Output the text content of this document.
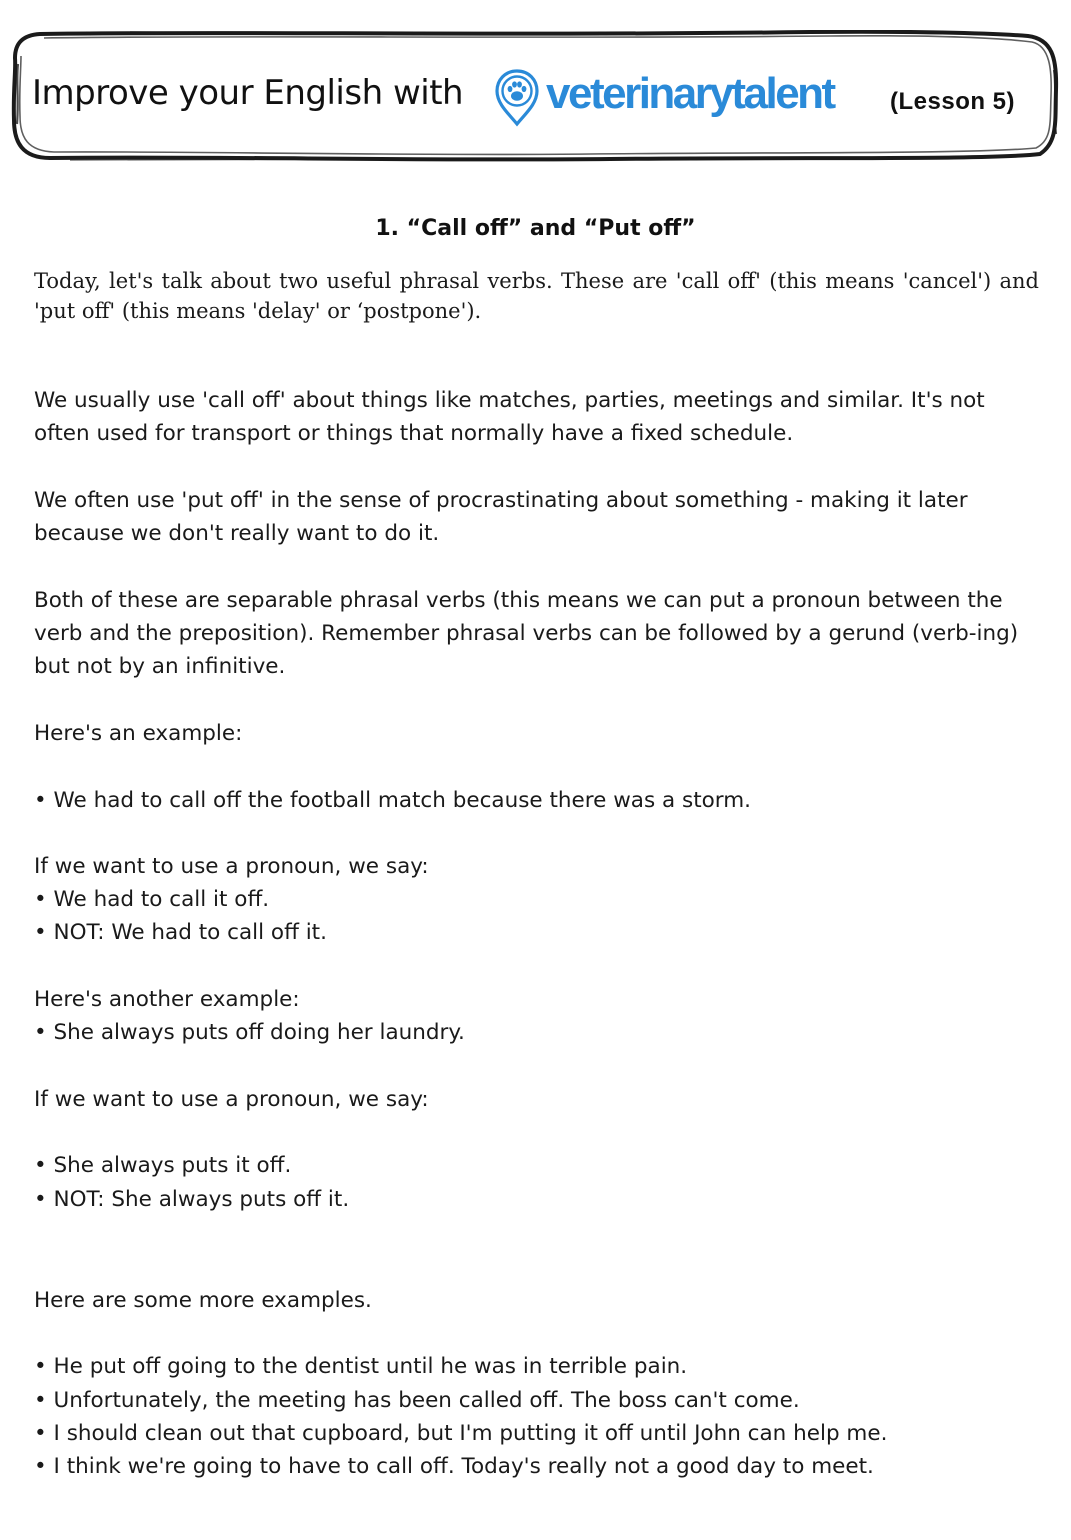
Improve your English with veterinarytalent (Lesson 5)
1. “Call off” and “Put off”

Today, let's talk about two useful phrasal verbs. These are 'call off' (this means 'cancel') and 'put off' (this means 'delay' or ‘postpone').

We usually use 'call off' about things like matches, parties, meetings and similar. It's not often used for transport or things that normally have a fixed schedule.

We often use 'put off' in the sense of procrastinating about something - making it later because we don't really want to do it.

Both of these are separable phrasal verbs (this means we can put a pronoun between the verb and the preposition). Remember phrasal verbs can be followed by a gerund (verb-ing) but not by an infinitive.

Here's an example:

• We had to call off the football match because there was a storm.

If we want to use a pronoun, we say:

• We had to call it off.

• NOT: We had to call off it.

Here's another example:

• She always puts off doing her laundry.

If we want to use a pronoun, we say:

• She always puts it off.

• NOT: She always puts off it.

Here are some more examples.

• He put off going to the dentist until he was in terrible pain.

• Unfortunately, the meeting has been called off. The boss can't come.

• I should clean out that cupboard, but I'm putting it off until John can help me.

• I think we're going to have to call off. Today's really not a good day to meet.
